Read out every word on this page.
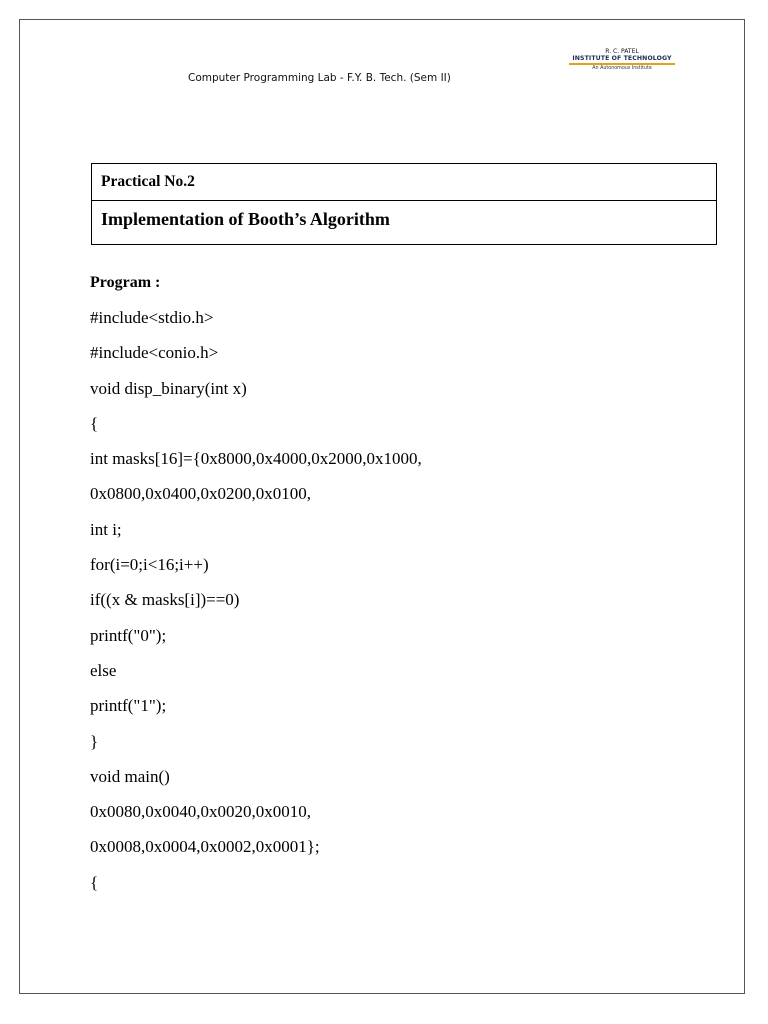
Computer Programming Lab - F.Y. B. Tech. (Sem II)
R. C. PATEL
INSTITUTE OF TECHNOLOGY
An Autonomous Institute
Practical No.2
Implementation of Booth’s Algorithm
Program :
#include<stdio.h>
#include<conio.h>
void disp_binary(int x)
{
int masks[16]={0x8000,0x4000,0x2000,0x1000,
0x0800,0x0400,0x0200,0x0100,
int i;
for(i=0;i<16;i++)
if((x & masks[i])==0)
printf("0");
else
printf("1");
}
void main()
0x0080,0x0040,0x0020,0x0010,
0x0008,0x0004,0x0002,0x0001};
{
